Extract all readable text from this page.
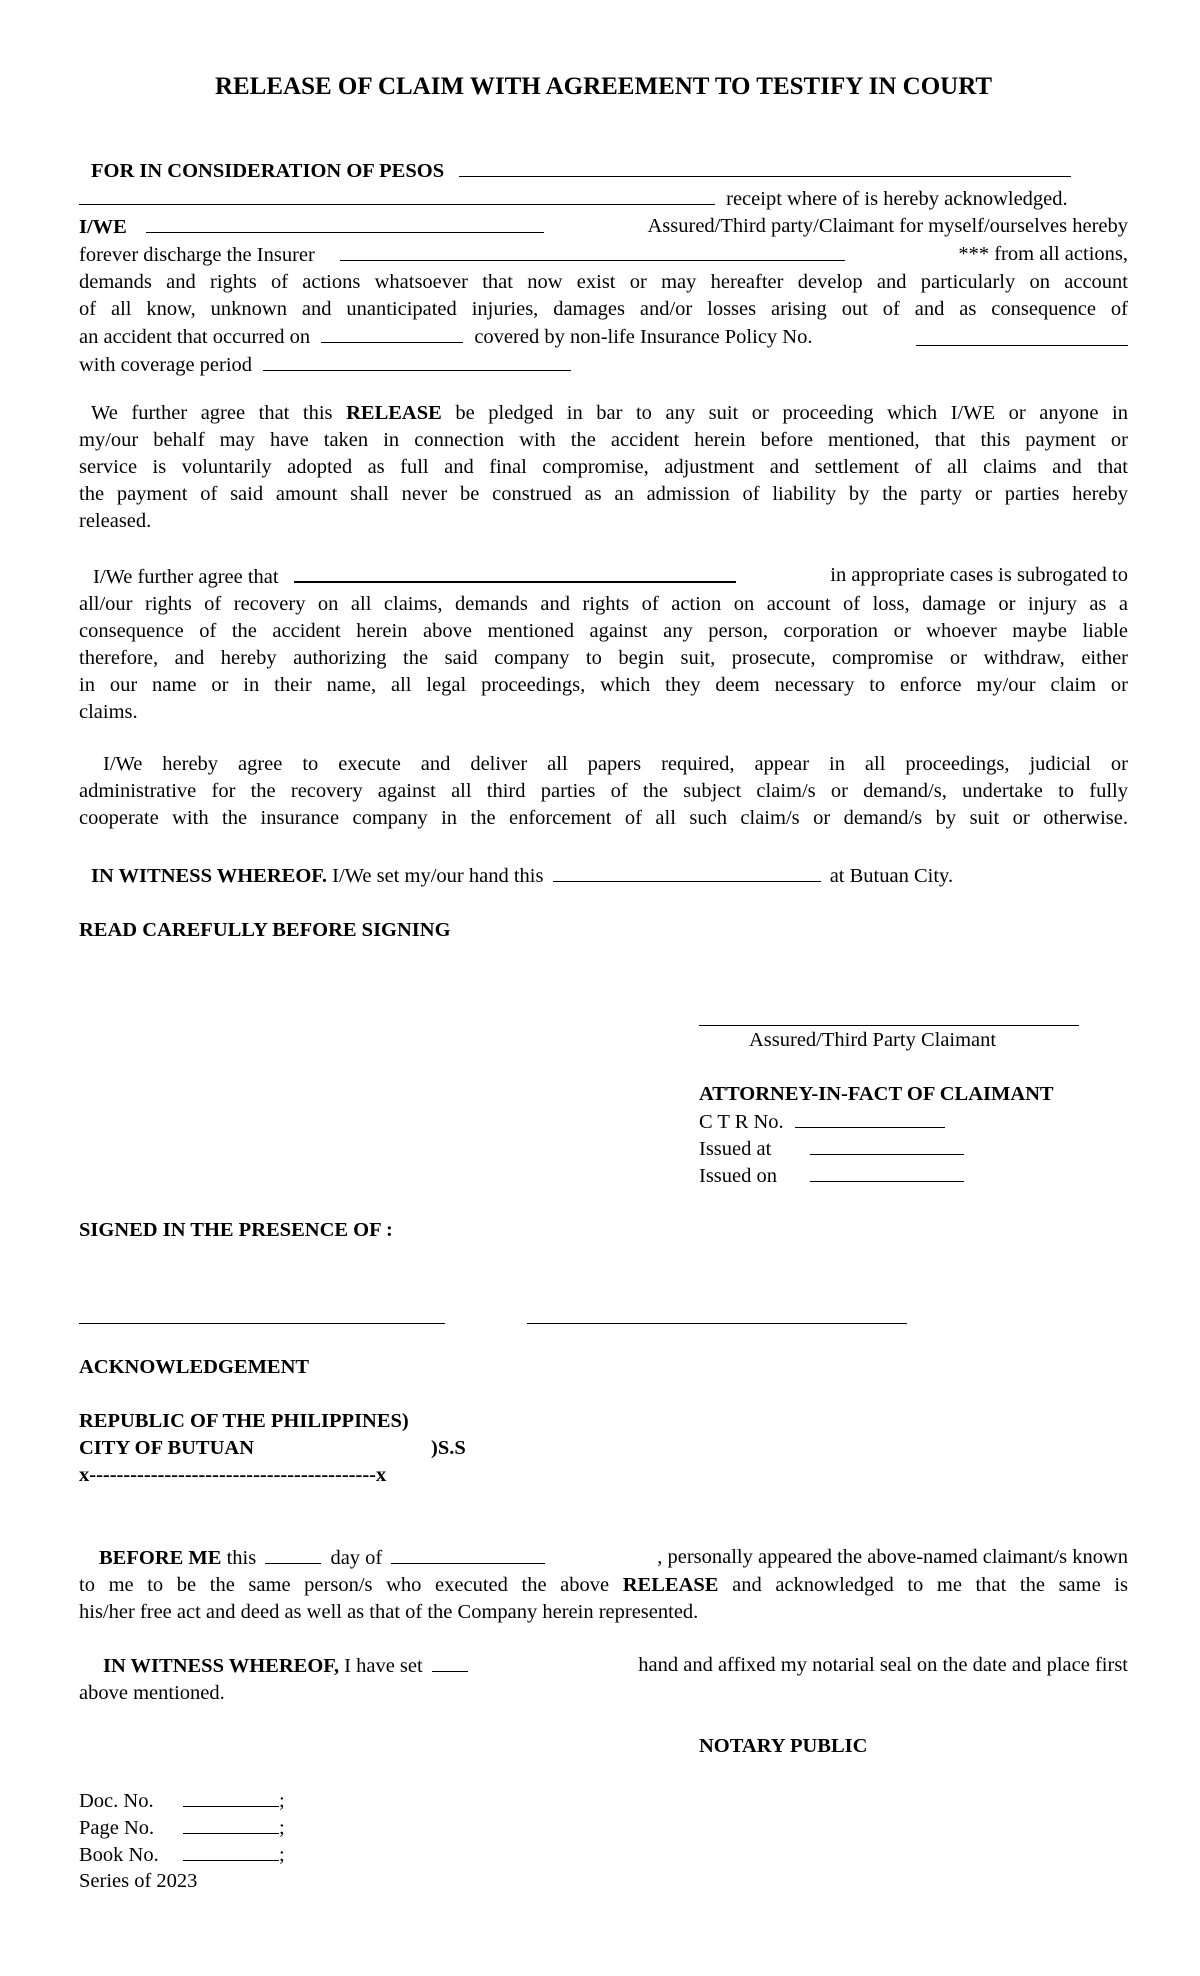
RELEASE OF CLAIM WITH AGREEMENT TO TESTIFY IN COURT
FOR IN CONSIDERATION OF PESOS
receipt where of is hereby acknowledged.
I/WE	Assured/Third party/Claimant for myself/ourselves hereby
forever discharge the Insurer	*** from all actions,
demands and rights of actions whatsoever that now exist or may hereafter develop and particularly on account
of all know, unknown and unanticipated injuries, damages and/or losses arising out of and as consequence of
an accident that occurred on	covered by non-life Insurance Policy No.
with coverage period
We further agree that this RELEASE be pledged in bar to any suit or proceeding which I/WE or anyone in
my/our behalf may have taken in connection with the accident herein before mentioned, that this payment or
service is voluntarily adopted as full and final compromise, adjustment and settlement of all claims and that
the payment of said amount shall never be construed as an admission of liability by the party or parties hereby
released.
I/We further agree that	in appropriate cases is subrogated to
all/our rights of recovery on all claims, demands and rights of action on account of loss, damage or injury as a
consequence of the accident herein above mentioned against any person, corporation or whoever maybe liable
therefore, and hereby authorizing the said company to begin suit, prosecute, compromise or withdraw, either
in our name or in their name, all legal proceedings, which they deem necessary to enforce my/our claim or
claims.
I/We hereby agree to execute and deliver all papers required, appear in all proceedings, judicial or
administrative for the recovery against all third parties of the subject claim/s or demand/s, undertake to fully
cooperate with the insurance company in the enforcement of all such claim/s or demand/s by suit or otherwise.
IN WITNESS WHEREOF. I/We set my/our hand this	at Butuan City.
READ CAREFULLY BEFORE SIGNING
Assured/Third Party Claimant
ATTORNEY-IN-FACT OF CLAIMANT
C T R No.
Issued at
Issued on
SIGNED IN THE PRESENCE OF :
ACKNOWLEDGEMENT
REPUBLIC OF THE PHILIPPINES)
CITY OF BUTUAN	)S.S
x------------------------------------------x
BEFORE ME this	day of	, personally appeared the above-named claimant/s known
to me to be the same person/s who executed the above RELEASE and acknowledged to me that the same is
his/her free act and deed as well as that of the Company herein represented.
IN WITNESS WHEREOF, I have set	hand and affixed my notarial seal on the date and place first
above mentioned.
NOTARY PUBLIC
Doc. No.	;
Page No.	;
Book No.	;
Series of 2023
